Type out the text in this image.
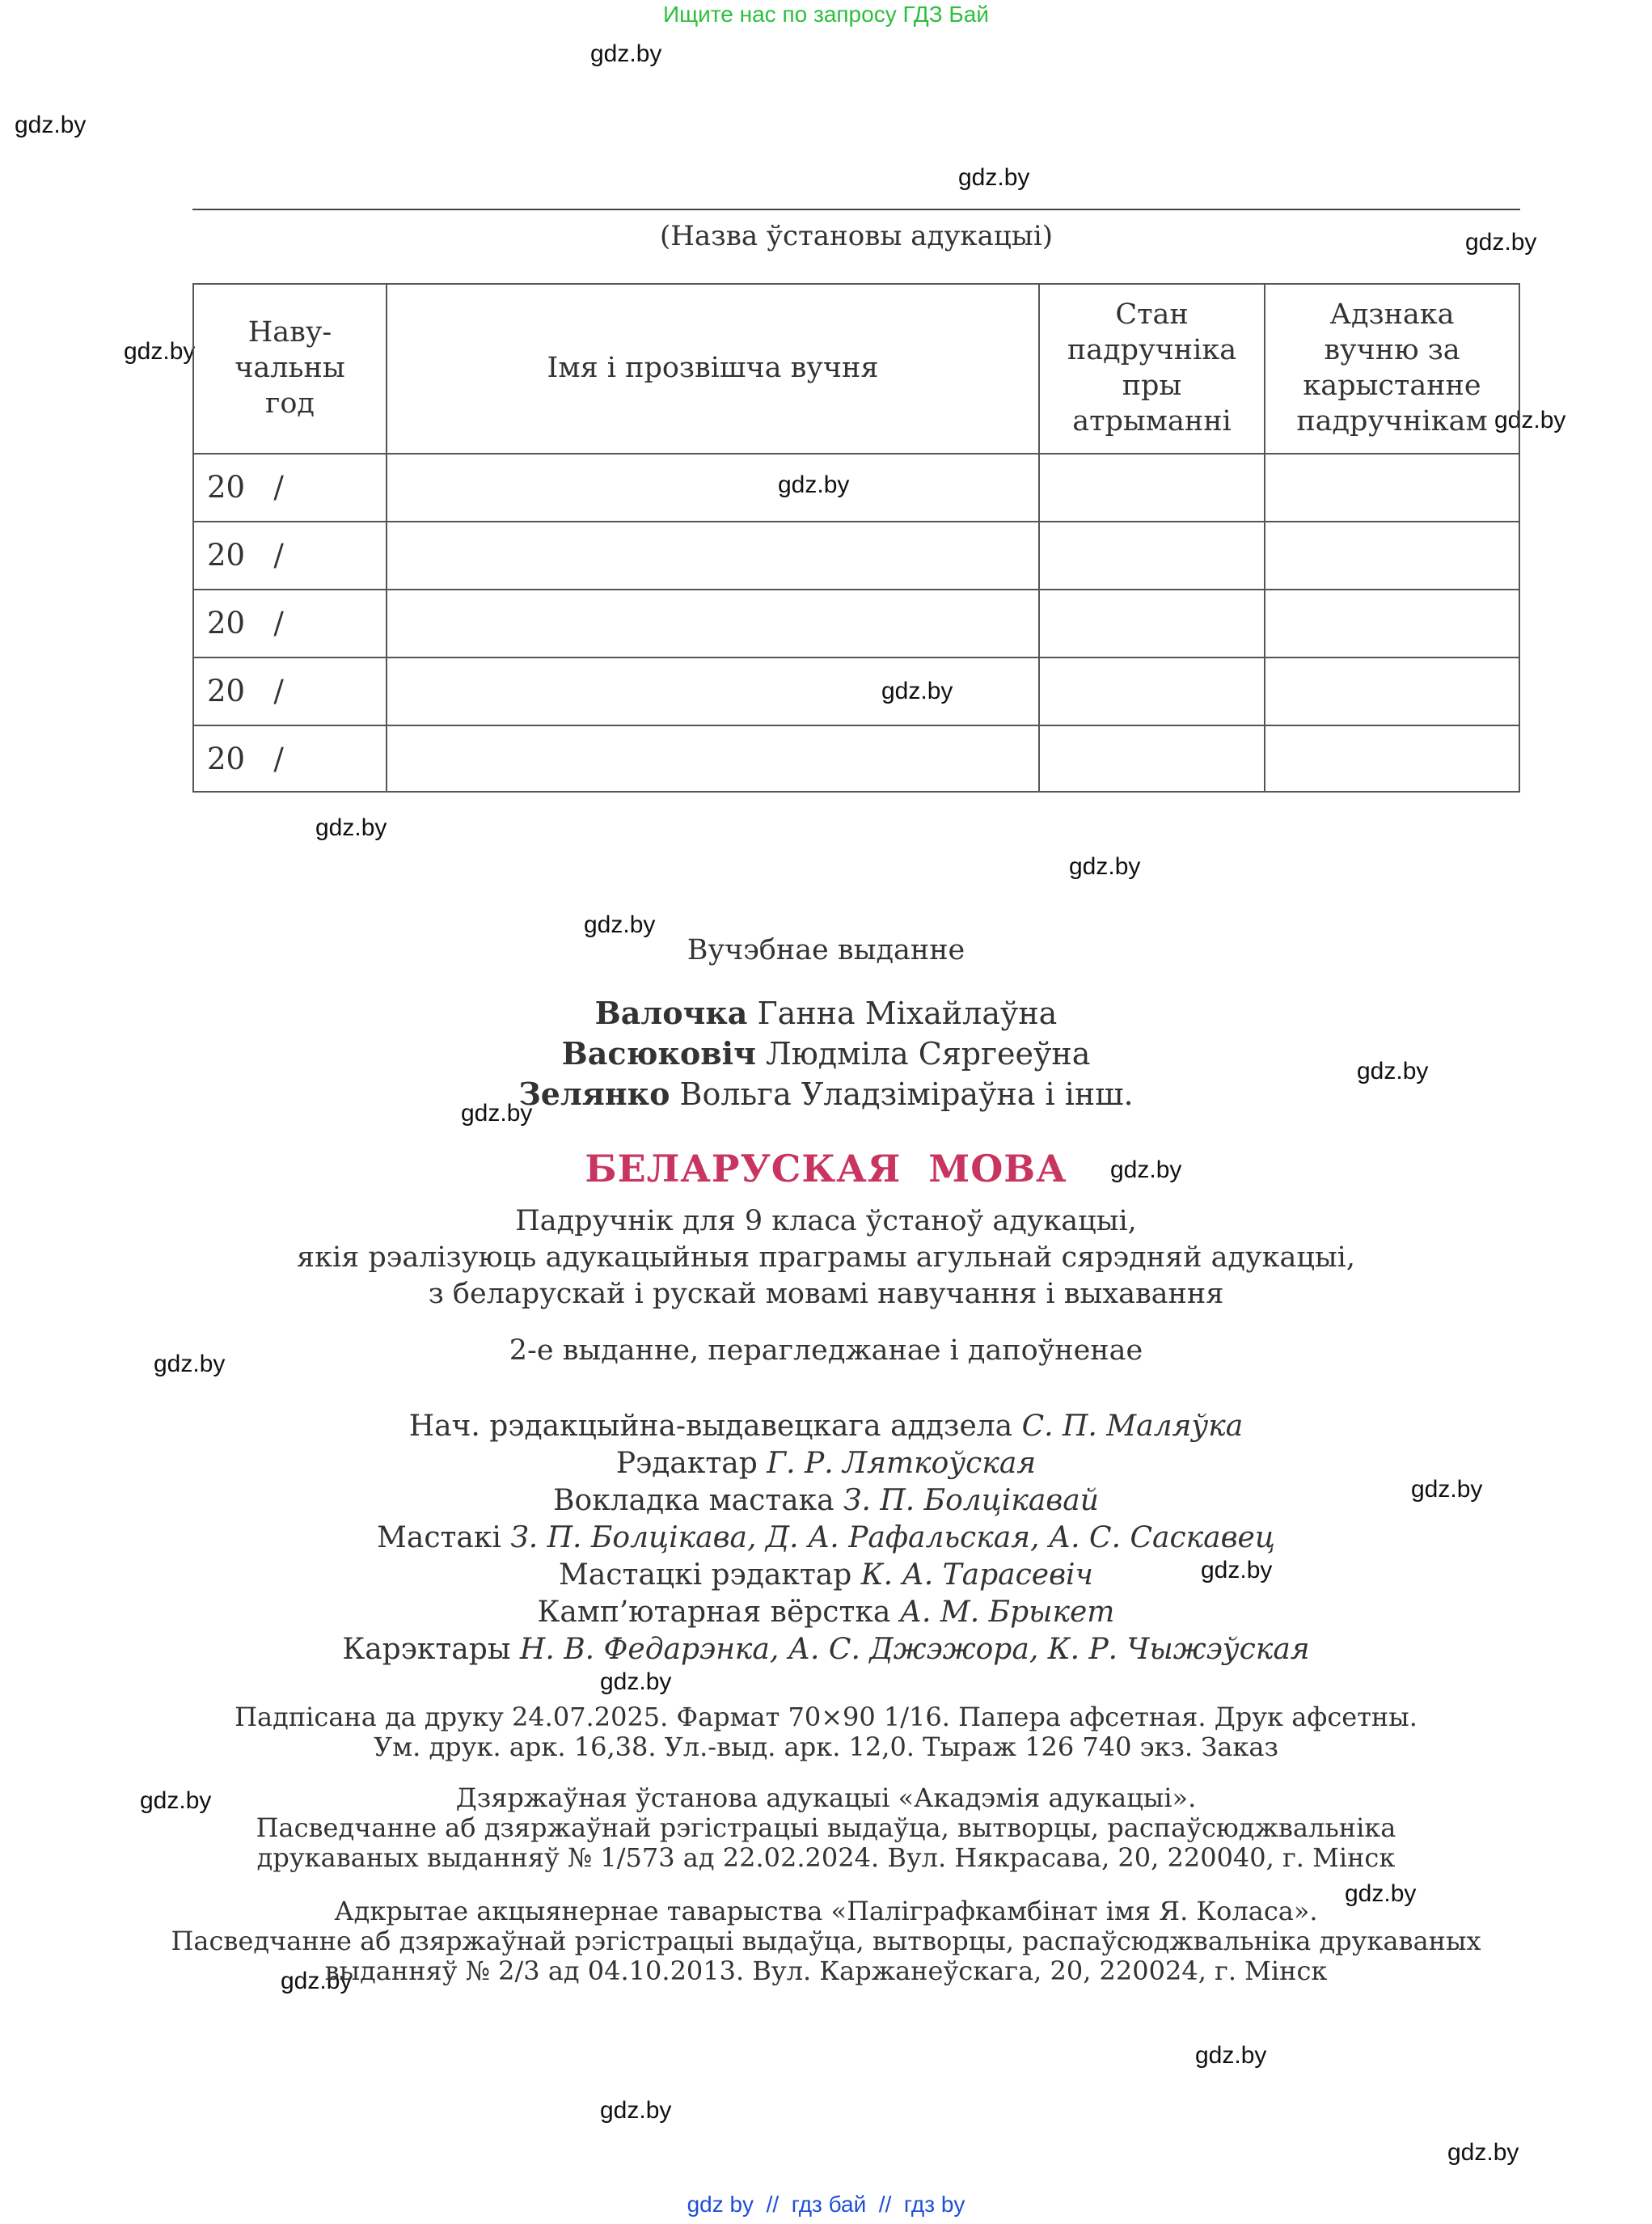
Ищите нас по запросу ГДЗ Бай
gdz.by
gdz.by
gdz.by
gdz.by
gdz.by
gdz.by
gdz.by
gdz.by
gdz.by
gdz.by
gdz.by
gdz.by
gdz.by
gdz.by
gdz.by
gdz.by
gdz.by
gdz.by
gdz.by
gdz.by
gdz.by
gdz.by
gdz.by
gdz.by
(Назва ўстановы адукацыі)
Наву-
чальны
год
Імя і прозвішча вучня
Стан
падручніка
пры
атрыманні
Адзнака
вучню за
карыстанне
падручнікам
20   /
20   /
20   /
20   /
20   /
Вучэбнае выданне
Валочка Ганна Міхайлаўна
Васюковіч Людміла Сяргееўна
Зелянко Вольга Уладзіміраўна і інш.
БЕЛАРУСКАЯ  МОВА
Падручнік для 9 класа ўстаноў адукацыі,
якія рэалізуюць адукацыйныя праграмы агульнай сярэдняй адукацыі,
з беларускай і рускай мовамі навучання і выхавання
2-е выданне, перагледжанае і дапоўненае
Нач. рэдакцыйна-выдавецкага аддзела С. П. Маляўка
Рэдактар Г. Р. Ляткоўская
Вокладка мастака З. П. Болцікавай
Мастакі З. П. Болцікава, Д. А. Рафальская, А. С. Саскавец
Мастацкі рэдактар К. А. Тарасевіч
Камп’ютарная вёрстка А. М. Брыкет
Карэктары Н. В. Федарэнка, А. С. Джэжора, К. Р. Чыжэўская
Падпісана да друку 24.07.2025. Фармат 70×90 1/16. Папера афсетная. Друк афсетны.
Ум. друк. арк. 16,38. Ул.-выд. арк. 12,0. Тыраж 126 740 экз. Заказ
Дзяржаўная ўстанова адукацыі «Акадэмія адукацыі».
Пасведчанне аб дзяржаўнай рэгістрацыі выдаўца, вытворцы, распаўсюджвальніка
друкаваных выданняў № 1/573 ад 22.02.2024. Вул. Някрасава, 20, 220040, г. Мінск
Адкрытае акцыянернае таварыства «Паліграфкамбінат імя Я. Коласа».
Пасведчанне аб дзяржаўнай рэгістрацыі выдаўца, вытворцы, распаўсюджвальніка друкаваных
выданняў № 2/3 ад 04.10.2013. Вул. Каржанеўскага, 20, 220024, г. Мінск
gdz by  //  гдз бай  //  гдз by
